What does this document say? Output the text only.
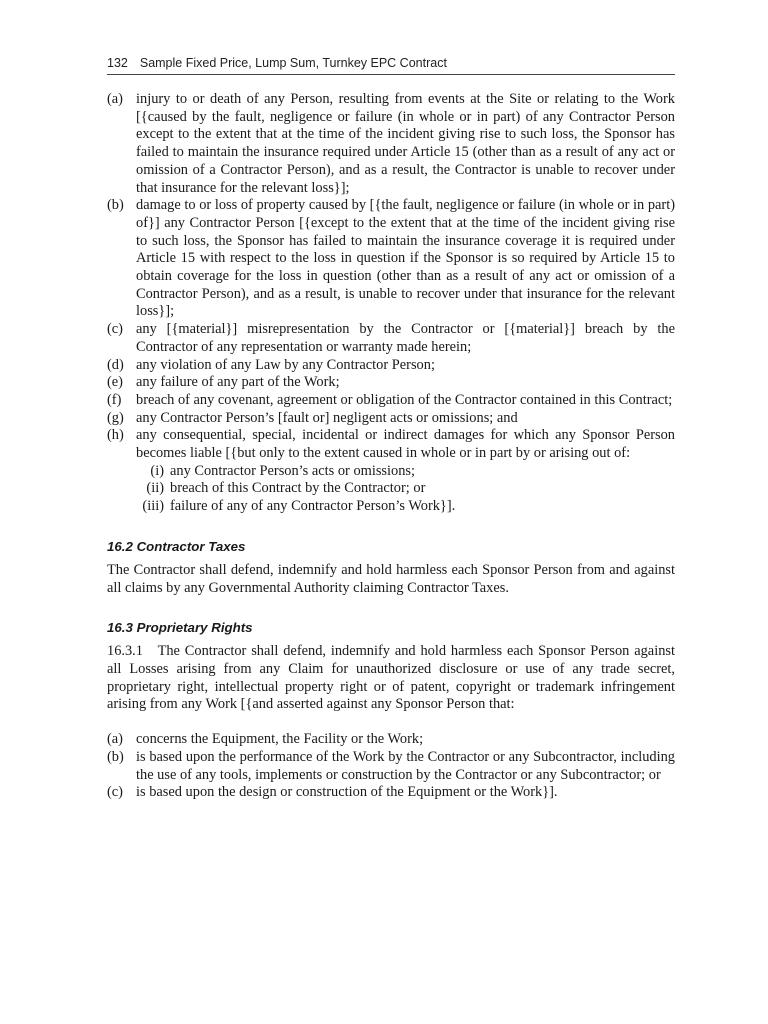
132 Sample Fixed Price, Lump Sum, Turnkey EPC Contract
(a) injury to or death of any Person, resulting from events at the Site or relating to the Work [{caused by the fault, negligence or failure (in whole or in part) of any Contractor Person except to the extent that at the time of the incident giving rise to such loss, the Sponsor has failed to maintain the insurance required under Article 15 (other than as a result of any act or omission of a Contractor Person), and as a result, the Contractor is unable to recover under that insurance for the relevant loss}];
(b) damage to or loss of property caused by [{the fault, negligence or failure (in whole or in part) of}] any Contractor Person [{except to the extent that at the time of the incident giving rise to such loss, the Sponsor has failed to maintain the insurance coverage it is required under Article 15 with respect to the loss in question if the Sponsor is so required by Article 15 to obtain coverage for the loss in question (other than as a result of any act or omission of a Contractor Person), and as a result, is unable to recover under that insurance for the relevant loss}];
(c) any [{material}] misrepresentation by the Contractor or [{material}] breach by the Contractor of any representation or warranty made herein;
(d) any violation of any Law by any Contractor Person;
(e) any failure of any part of the Work;
(f)	breach of any covenant, agreement or obligation of the Contractor contained in this Contract;
(g) any Contractor Person’s [fault or] negligent acts or omissions; and
(h) any consequential, special, incidental or indirect damages for which any Sponsor Person becomes liable [{but only to the extent caused in whole or in part by or arising out of:
(i) any Contractor Person’s acts or omissions;
(ii) breach of this Contract by the Contractor; or
(iii) failure of any of any Contractor Person’s Work}].
16.2 Contractor Taxes

The Contractor shall defend, indemnify and hold harmless each Sponsor Person from and against all claims by any Governmental Authority claiming Contractor Taxes.

16.3 Proprietary Rights

16.3.1 The Contractor shall defend, indemnify and hold harmless each Sponsor Person against all Losses arising from any Claim for unauthorized disclosure or use of any trade secret, proprietary right, intellectual property right or of patent, copyright or trademark infringement arising from any Work [{and asserted against any Sponsor Person that:

(a) concerns the Equipment, the Facility or the Work;
(b) is based upon the performance of the Work by the Contractor or any Subcontractor, including the use of any tools, implements or construction by the Contractor or any Subcontractor; or
(c) is based upon the design or construction of the Equipment or the Work}].
